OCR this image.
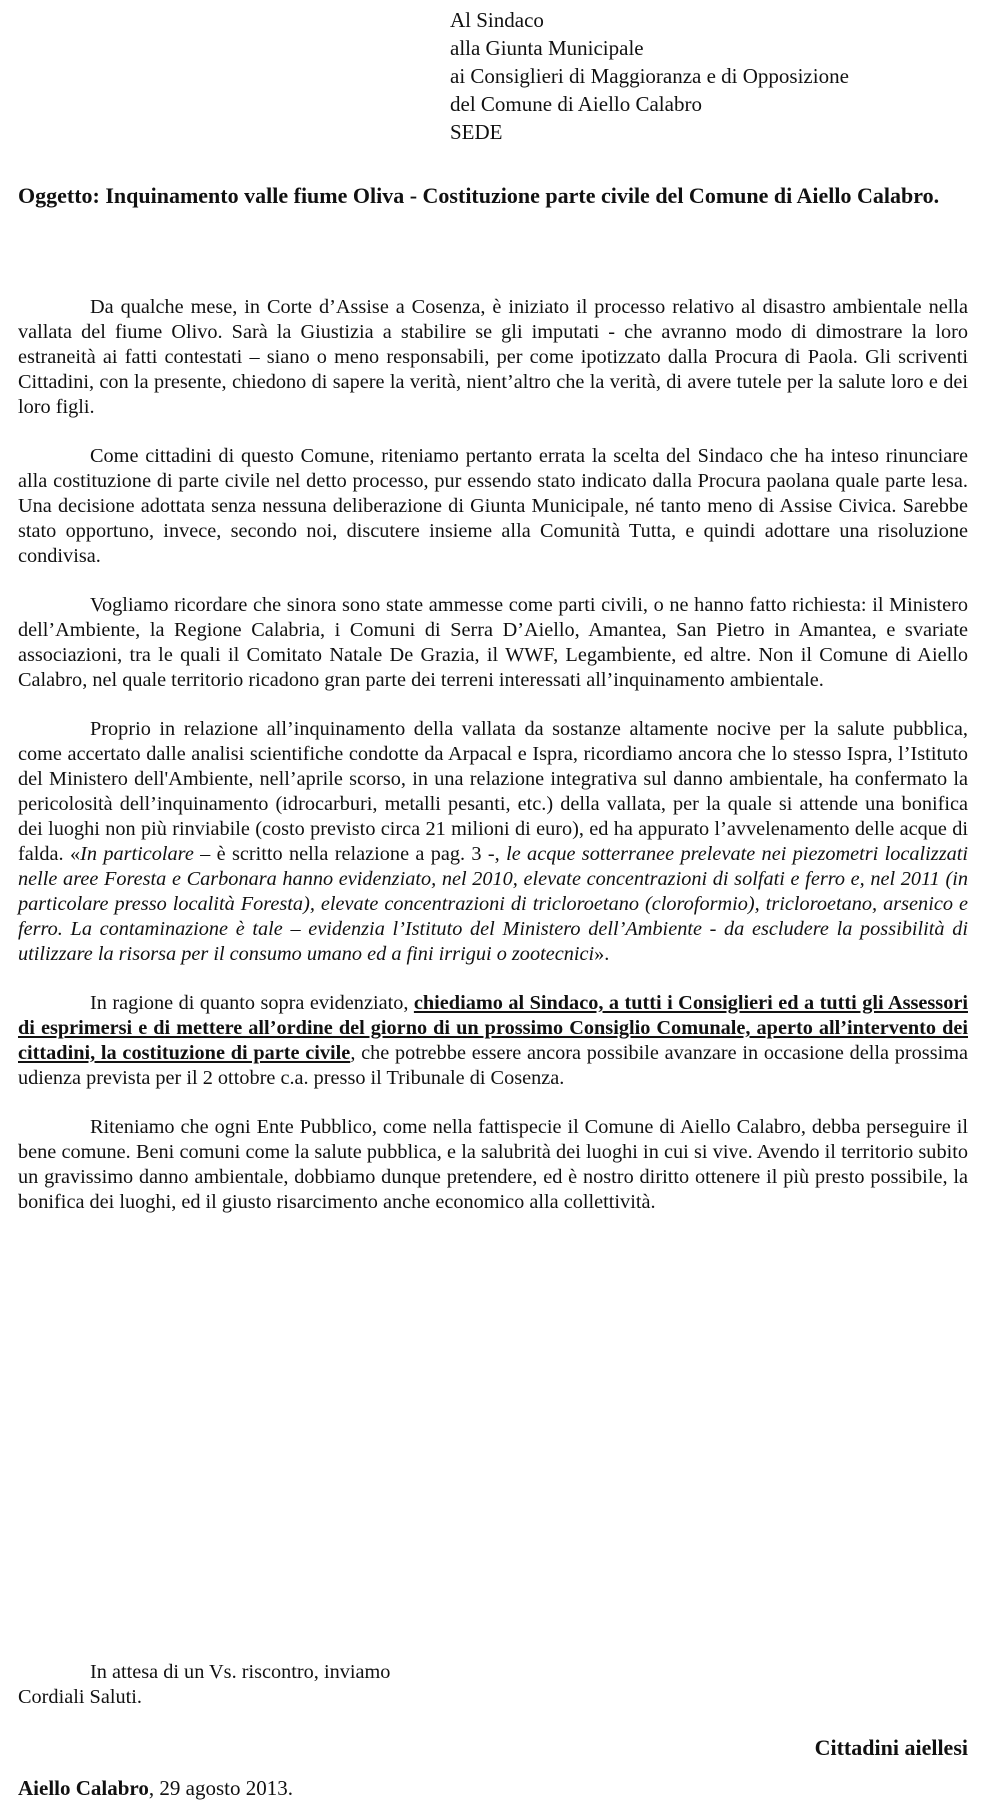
Al Sindaco
alla Giunta Municipale
ai Consiglieri di Maggioranza e di Opposizione
del Comune di Aiello Calabro
SEDE
Oggetto: Inquinamento valle fiume Oliva - Costituzione parte civile del Comune di Aiello Calabro.

Da qualche mese, in Corte d’Assise a Cosenza, è iniziato il processo relativo al disastro ambientale nella vallata del fiume Olivo. Sarà la Giustizia a stabilire se gli imputati - che avranno modo di dimostrare la loro estraneità ai fatti contestati – siano o meno responsabili, per come ipotizzato dalla Procura di Paola. Gli scriventi Cittadini, con la presente, chiedono di sapere la verità, nient’altro che la verità, di avere tutele per la salute loro e dei loro figli.

Come cittadini di questo Comune, riteniamo pertanto errata la scelta del Sindaco che ha inteso rinunciare alla costituzione di parte civile nel detto processo, pur essendo stato indicato dalla Procura paolana quale parte lesa. Una decisione adottata senza nessuna deliberazione di Giunta Municipale, né tanto meno di Assise Civica. Sarebbe stato opportuno, invece, secondo noi, discutere insieme alla Comunità Tutta, e quindi adottare una risoluzione condivisa.

Vogliamo ricordare che sinora sono state ammesse come parti civili, o ne hanno fatto richiesta: il Ministero dell’Ambiente, la Regione Calabria, i Comuni di Serra D’Aiello, Amantea, San Pietro in Amantea, e svariate associazioni, tra le quali il Comitato Natale De Grazia, il WWF, Legambiente, ed altre. Non il Comune di Aiello Calabro, nel quale territorio ricadono gran parte dei terreni interessati all’inquinamento ambientale.

Proprio in relazione all’inquinamento della vallata da sostanze altamente nocive per la salute pubblica, come accertato dalle analisi scientifiche condotte da Arpacal e Ispra, ricordiamo ancora che lo stesso Ispra, l’Istituto del Ministero dell'Ambiente, nell’aprile scorso, in una relazione integrativa sul danno ambientale, ha confermato la pericolosità dell’inquinamento (idrocarburi, metalli pesanti, etc.) della vallata, per la quale si attende una bonifica dei luoghi non più rinviabile (costo previsto circa 21 milioni di euro), ed ha appurato l’avvelenamento delle acque di falda. «In particolare – è scritto nella relazione a pag. 3 -, le acque sotterranee prelevate nei piezometri localizzati nelle aree Foresta e Carbonara hanno evidenziato, nel 2010, elevate concentrazioni di solfati e ferro e, nel 2011 (in particolare presso località Foresta), elevate concentrazioni di tricloroetano (cloroformio), tricloroetano, arsenico e ferro. La contaminazione è tale – evidenzia l’Istituto del Ministero dell’Ambiente - da escludere la possibilità di utilizzare la risorsa per il consumo umano ed a fini irrigui o zootecnici».

In ragione di quanto sopra evidenziato, chiediamo al Sindaco, a tutti i Consiglieri ed a tutti gli Assessori di esprimersi e di mettere all’ordine del giorno di un prossimo Consiglio Comunale, aperto all’intervento dei cittadini, la costituzione di parte civile, che potrebbe essere ancora possibile avanzare in occasione della prossima udienza prevista per il 2 ottobre c.a. presso il Tribunale di Cosenza.

Riteniamo che ogni Ente Pubblico, come nella fattispecie il Comune di Aiello Calabro, debba perseguire il bene comune. Beni comuni come la salute pubblica, e la salubrità dei luoghi in cui si vive. Avendo il territorio subito un gravissimo danno ambientale, dobbiamo dunque pretendere, ed è nostro diritto ottenere il più presto possibile, la bonifica dei luoghi, ed il giusto risarcimento anche economico alla collettività.

In attesa di un Vs. riscontro, inviamo
Cordiali Saluti.
Cittadini aiellesi
Aiello Calabro, 29 agosto 2013.
